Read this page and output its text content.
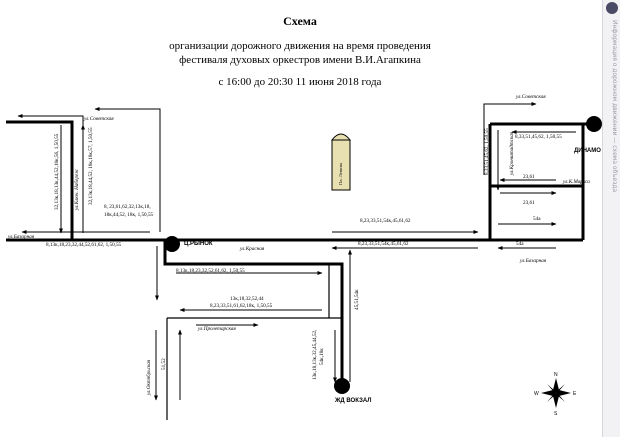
Пл. Ленина
Ц.РЫНОК
ДИНАМО
ЖД ВОКЗАЛ
ул.Советская
ул.Советская
ул.Ключ. Набереж
ул.Базарная
ул.Базарная
ул.Красная
ул.Пролетарская
ул.Октябрьская
ул.Кронштадтская
ул.К.Маркса
32,13к,18,13к,44,52,18к,56, 1,50,55	32,13к,18,44,52, 18к,18к,57, 1,50,55
8, 23,61,62,32,13к,18,
18к,44,52, 18к, 1,50,55
8,13к,18,23,32,44,52,61,62, 1,50,55
8,13к,18,23,32,52,61,62, 1,50,55
13к,18,32,52,44
8,23,33,51,61,62,18к, 1,50,55
8,23,33,51,54к,45,61,62
8,23,33,51,54к,45,61,62
45,51,54к
13к,18,13к,32,45,44,52, 54к,18к
51,52
8,33,51,45,62, 1,50,55	8,33,51,45,62, 1,50,55
23,61
23,61
54а
54а
N
S
E
W
Схема
организации дорожного движения на время проведения
фестиваля духовых оркестров имени В.И.Агапкина
с 16:00 до 20:30 11 июня 2018 года	Информация о дорожном движении — схема объезда
